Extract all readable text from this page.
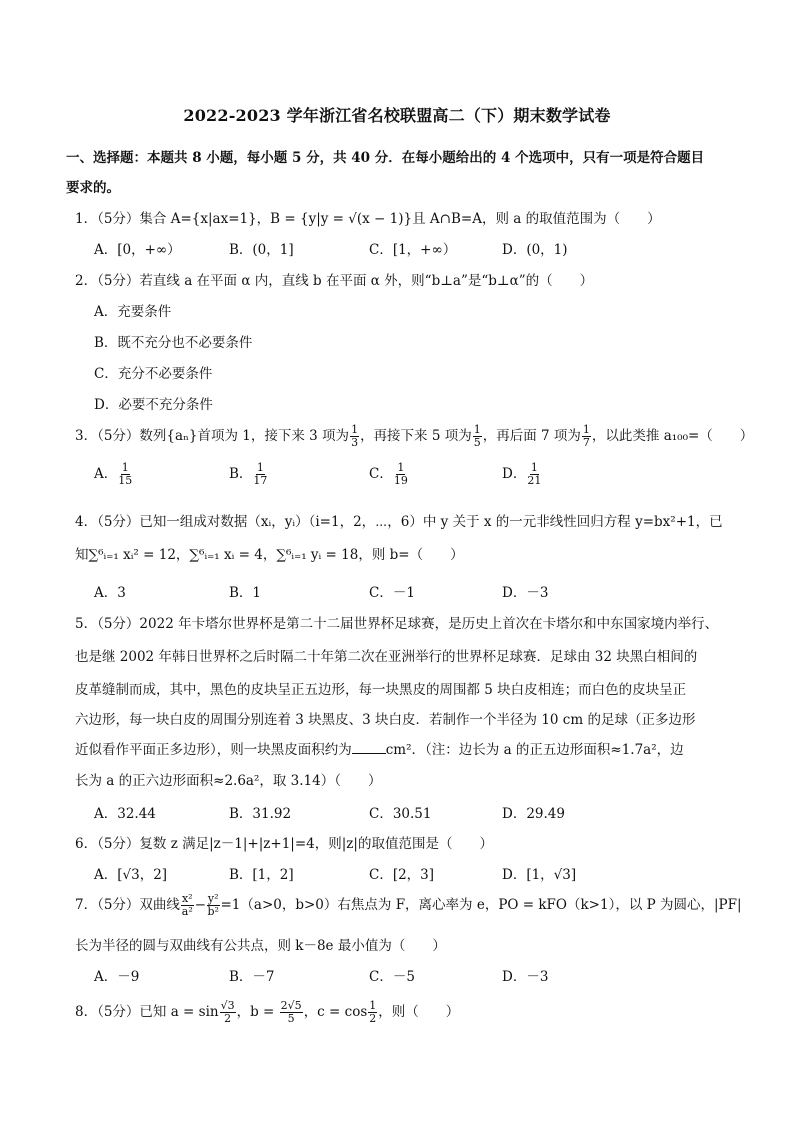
2022-2023 学年浙江省名校联盟高二（下）期末数学试卷
一、选择题：本题共 8 小题，每小题 5 分，共 40 分．在每小题给出的 4 个选项中，只有一项是符合题目
要求的。
1．（5分）集合 A={x|ax=1}，B = {y|y = √(x − 1)}且 A∩B=A，则 a 的取值范围为（　　）
A．[0，+∞）	B．(0，1]	C．[1，+∞）	D．(0，1)
2．（5分）若直线 a 在平面 α 内，直线 b 在平面 α 外，则“b⊥a”是“b⊥α”的（　　）
A．充要条件
B．既不充分也不必要条件
C．充分不必要条件
D．必要不充分条件
3．（5分）数列{aₙ}首项为 1，接下来 3 项为 $\frac{1}{3}$ ，再接下来 5 项为 $\frac{1}{5}$ ，再后面 7 项为 $\frac{1}{7}$ ，以此类推 a₁₀₀=（　　）
A． $\frac{1}{15}$	B． $\frac{1}{17}$	C． $\frac{1}{19}$	D． $\frac{1}{21}$
4．（5分）已知一组成对数据（xᵢ，yᵢ）（i=1，2，⋯，6）中 y 关于 x 的一元非线性回归方程 y=bx²+1，已
知∑⁶ᵢ₌₁ xᵢ² = 12，∑⁶ᵢ₌₁ xᵢ = 4，∑⁶ᵢ₌₁ yᵢ = 18，则 b=（　　）
A．3	B．1	C．－1	D．－3
5．（5分）2022 年卡塔尔世界杯是第二十二届世界杯足球赛，是历史上首次在卡塔尔和中东国家境内举行、
也是继 2002 年韩日世界杯之后时隔二十年第二次在亚洲举行的世界杯足球赛．足球由 32 块黑白相间的
皮革缝制而成，其中，黑色的皮块呈正五边形，每一块黑皮的周围都 5 块白皮相连；而白色的皮块呈正
六边形，每一块白皮的周围分别连着 3 块黑皮、3 块白皮．若制作一个半径为 10 cm 的足球（正多边形
近似看作平面正多边形），则一块黑皮面积约为	cm²．（注：边长为 a 的正五边形面积≈1.7a²，边
长为 a 的正六边形面积≈2.6a²，取 3.14）（　　）
A．32.44	B．31.92	C．30.51	D．29.49
6．（5分）复数 z 满足|z－1|+|z+1|=4，则|z|的取值范围是（　　）
A．[√3，2]	B．[1，2]	C．[2，3]	D．[1，√3]
7．（5分）双曲线 $\frac{\text{x²}}{\text{a²}} - \frac{\text{y²}}{\text{b²}} =1(a>0$，b>0）右焦点为 F，离心率为 e，PO = kFO（k>1），以 P 为圆心，|PF|
长为半径的圆与双曲线有公共点，则 k－8e 最小值为（　　）
A．－9	B．－7	C．－5	D．－3
8．（5分）已知 $a = \sin \frac{√3}{2}$ ，$b = \frac{2√5}{5}$ ，$c = \cos \frac{1}{2}$ ，则（　　）
